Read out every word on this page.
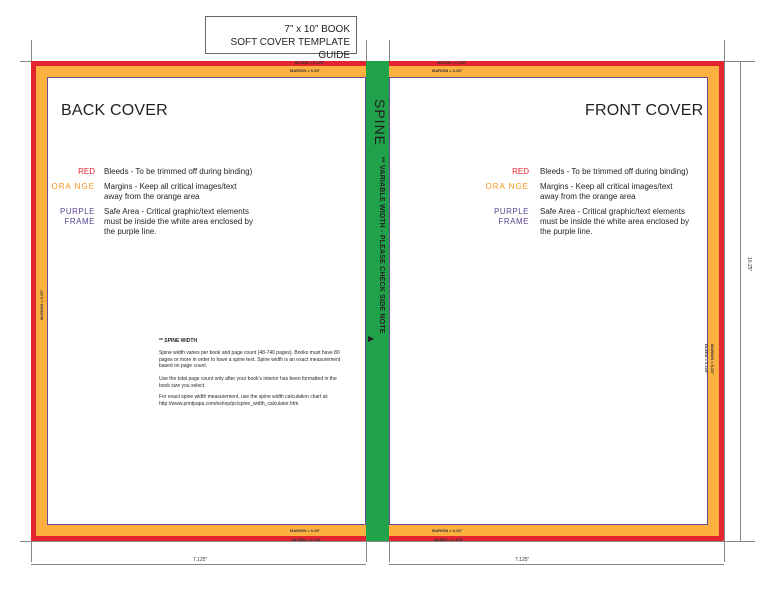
7” x 10” BOOK
SOFT COVER TEMPLATE GUIDE
BLEED = 0.125"
MARGIN = 0.25"
BLEED = 0.125"
MARGIN = 0.25"
MARGIN = 0.25"
BLEED = 0.125"
MARGIN = 0.25"
BLEED = 0.125"
MARGIN = 0.25"
MARGIN = 0.25"
BLEED = 0.125"
7.125"	7.125"
10.25"
BACK COVER
RED Bleeds - To be trimmed off during binding)
ORA NGE Margins - Keep all critical images/text away from the orange area
PURPLE FRAME
Safe Area - Critical graphic/text elements must be inside the white area enclosed by the purple line.
** SPINE WIDTH
Spine width varies per book and page count (48-740 pages). Books must have 80 pages or more in order to have a spine text. Spine width is an exact measurement based on page count.
Use the total page count only after your book's interior has been formatted in the book size you select.
For exact spine width measurement, use the spine width calculation chart at: http://www.printpapa.com/eshop/pc/spine_width_calculator.htm
SPINE
** VARIABLE WIDTH - PLEASE CHECK SIDE NOTE
▶
FRONT COVER
RED Bleeds - To be trimmed off during binding)
ORA NGE Margins - Keep all critical images/text away from the orange area
PURPLE FRAME
Safe Area - Critical graphic/text elements must be inside the white area enclosed by the purple line.
